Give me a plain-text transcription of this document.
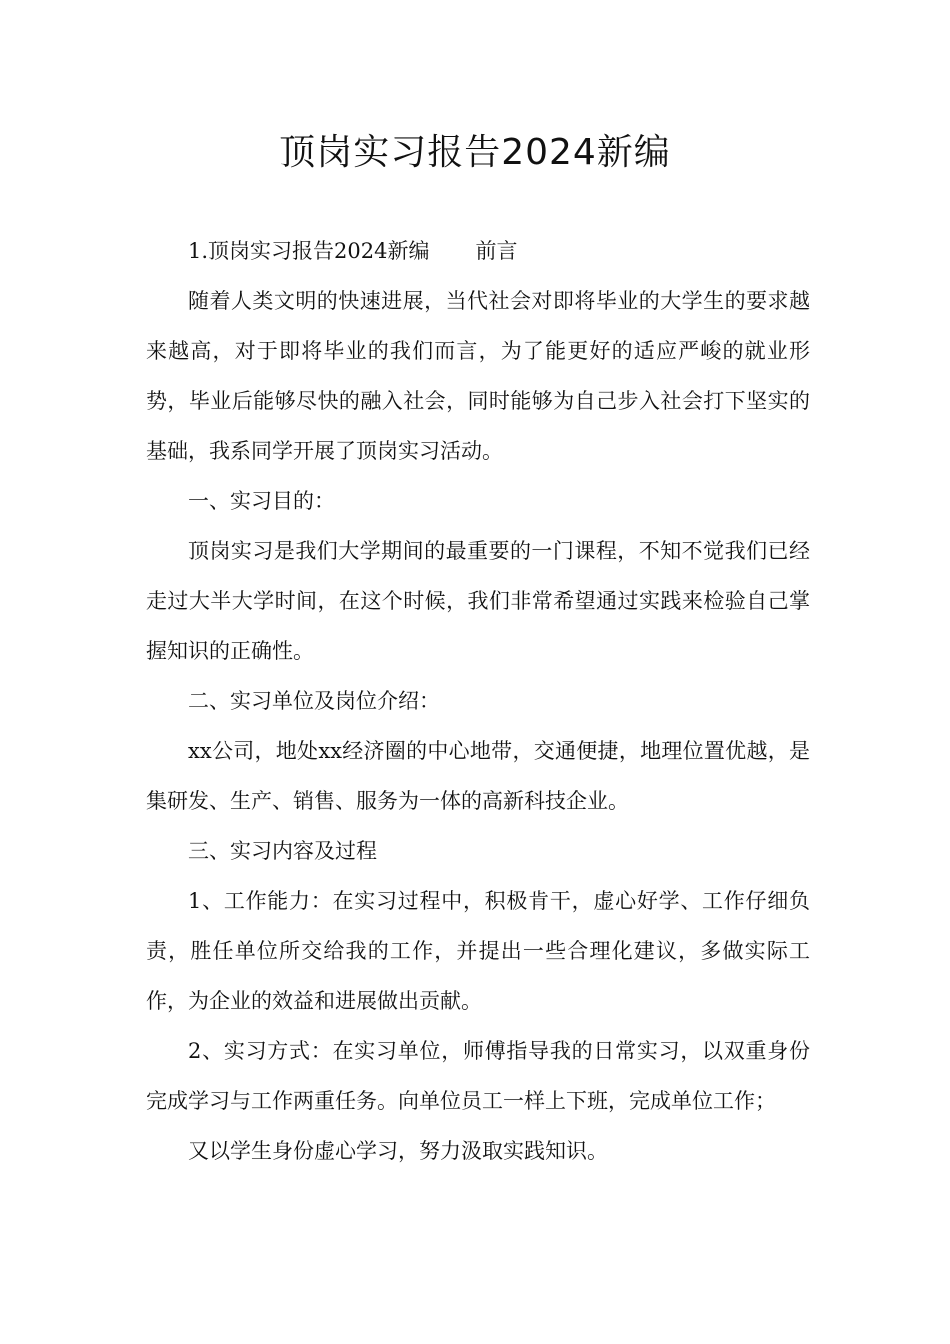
顶岗实习报告2024新编

1.顶岗实习报告2024新编 前言

随着人类文明的快速进展，当代社会对即将毕业的大学生的要求越来越高，对于即将毕业的我们而言，为了能更好的适应严峻的就业形势，毕业后能够尽快的融入社会，同时能够为自己步入社会打下坚实的基础，我系同学开展了顶岗实习活动。

一、实习目的：

顶岗实习是我们大学期间的最重要的一门课程，不知不觉我们已经走过大半大学时间，在这个时候，我们非常希望通过实践来检验自己掌握知识的正确性。

二、实习单位及岗位介绍：

xx公司，地处xx经济圈的中心地带，交通便捷，地理位置优越，是集研发、生产、销售、服务为一体的高新科技企业。

三、实习内容及过程

1、工作能力：在实习过程中，积极肯干，虚心好学、工作仔细负责，胜任单位所交给我的工作，并提出一些合理化建议，多做实际工作，为企业的效益和进展做出贡献。

2、实习方式：在实习单位，师傅指导我的日常实习，以双重身份完成学习与工作两重任务。向单位员工一样上下班，完成单位工作；

又以学生身份虚心学习，努力汲取实践知识。
